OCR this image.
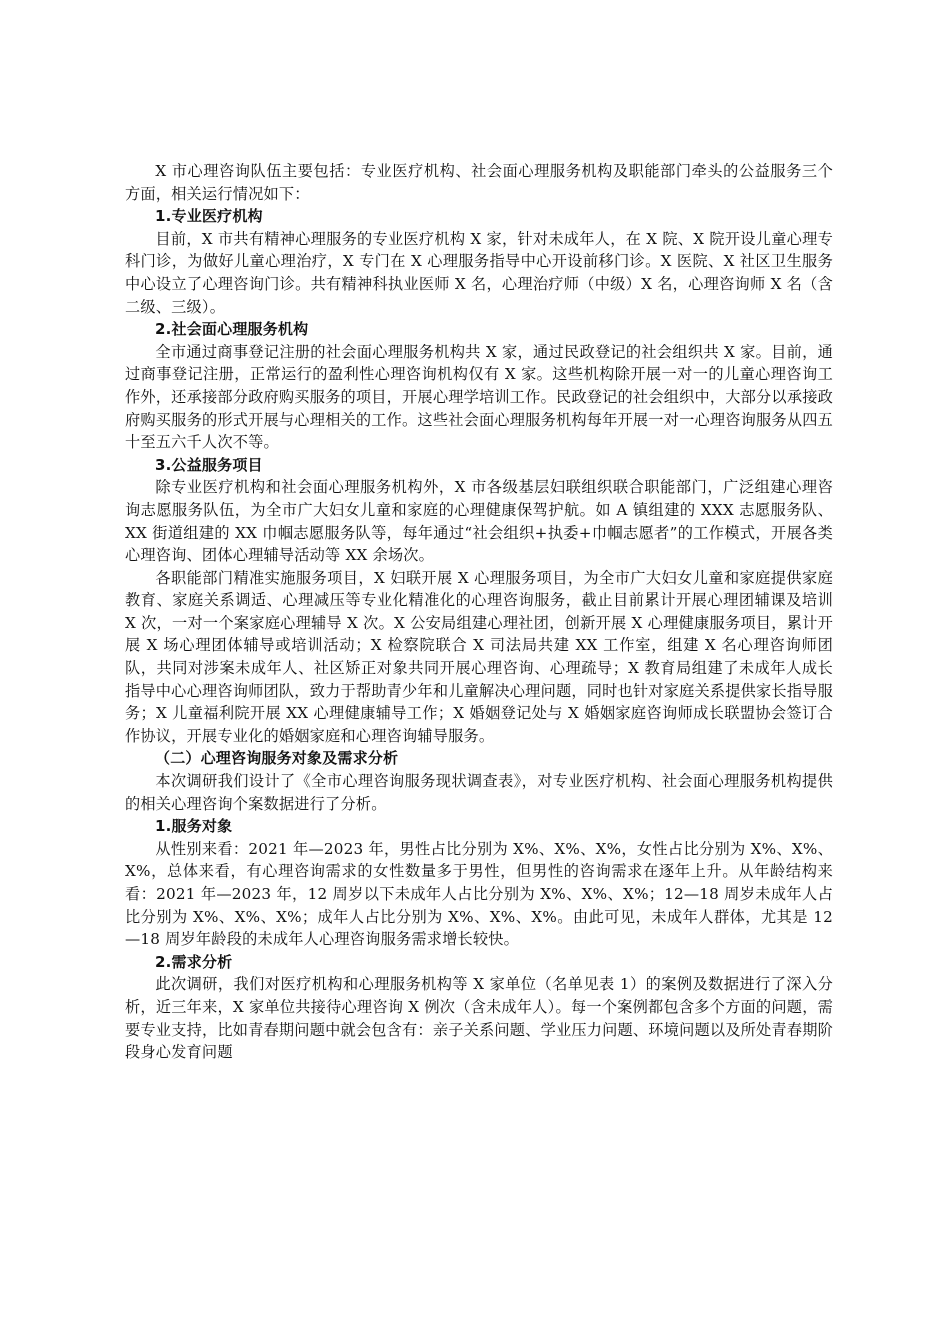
X 市心理咨询队伍主要包括：专业医疗机构、社会面心理服务机构及职能部门牵头的公益服务三个方面，相关运行情况如下：

1.专业医疗机构

目前，X 市共有精神心理服务的专业医疗机构 X 家，针对未成年人，在 X 院、X 院开设儿童心理专科门诊，为做好儿童心理治疗，X 专门在 X 心理服务指导中心开设前移门诊。X 医院、X 社区卫生服务中心设立了心理咨询门诊。共有精神科执业医师 X 名，心理治疗师（中级）X 名，心理咨询师 X 名（含二级、三级）。

2.社会面心理服务机构

全市通过商事登记注册的社会面心理服务机构共 X 家，通过民政登记的社会组织共 X 家。目前，通过商事登记注册，正常运行的盈利性心理咨询机构仅有 X 家。这些机构除开展一对一的儿童心理咨询工作外，还承接部分政府购买服务的项目，开展心理学培训工作。民政登记的社会组织中，大部分以承接政府购买服务的形式开展与心理相关的工作。这些社会面心理服务机构每年开展一对一心理咨询服务从四五十至五六千人次不等。

3.公益服务项目

除专业医疗机构和社会面心理服务机构外，X 市各级基层妇联组织联合职能部门，广泛组建心理咨询志愿服务队伍，为全市广大妇女儿童和家庭的心理健康保驾护航。如 A 镇组建的 XXX 志愿服务队、XX 街道组建的 XX 巾帼志愿服务队等，每年通过“社会组织+执委+巾帼志愿者”的工作模式，开展各类心理咨询、团体心理辅导活动等 XX 余场次。

各职能部门精准实施服务项目，X 妇联开展 X 心理服务项目，为全市广大妇女儿童和家庭提供家庭教育、家庭关系调适、心理减压等专业化精准化的心理咨询服务，截止目前累计开展心理团辅课及培训 X 次，一对一个案家庭心理辅导 X 次。X 公安局组建心理社团，创新开展 X 心理健康服务项目，累计开展 X 场心理团体辅导或培训活动；X 检察院联合 X 司法局共建 XX 工作室，组建 X 名心理咨询师团队，共同对涉案未成年人、社区矫正对象共同开展心理咨询、心理疏导；X 教育局组建了未成年人成长指导中心心理咨询师团队，致力于帮助青少年和儿童解决心理问题，同时也针对家庭关系提供家长指导服务；X 儿童福利院开展 XX 心理健康辅导工作；X 婚姻登记处与 X 婚姻家庭咨询师成长联盟协会签订合作协议，开展专业化的婚姻家庭和心理咨询辅导服务。

（二）心理咨询服务对象及需求分析

本次调研我们设计了《全市心理咨询服务现状调查表》，对专业医疗机构、社会面心理服务机构提供的相关心理咨询个案数据进行了分析。

1.服务对象

从性别来看：2021 年—2023 年，男性占比分别为 X%、X%、X%，女性占比分别为 X%、X%、X%，总体来看，有心理咨询需求的女性数量多于男性，但男性的咨询需求在逐年上升。从年龄结构来看：2021 年—2023 年，12 周岁以下未成年人占比分别为 X%、X%、X%；12—18 周岁未成年人占比分别为 X%、X%、X%；成年人占比分别为 X%、X%、X%。由此可见，未成年人群体，尤其是 12—18 周岁年龄段的未成年人心理咨询服务需求增长较快。

2.需求分析

此次调研，我们对医疗机构和心理服务机构等 X 家单位（名单见表 1）的案例及数据进行了深入分析，近三年来，X 家单位共接待心理咨询 X 例次（含未成年人）。每一个案例都包含多个方面的问题，需要专业支持，比如青春期问题中就会包含有：亲子关系问题、学业压力问题、环境问题以及所处青春期阶段身心发育问题
